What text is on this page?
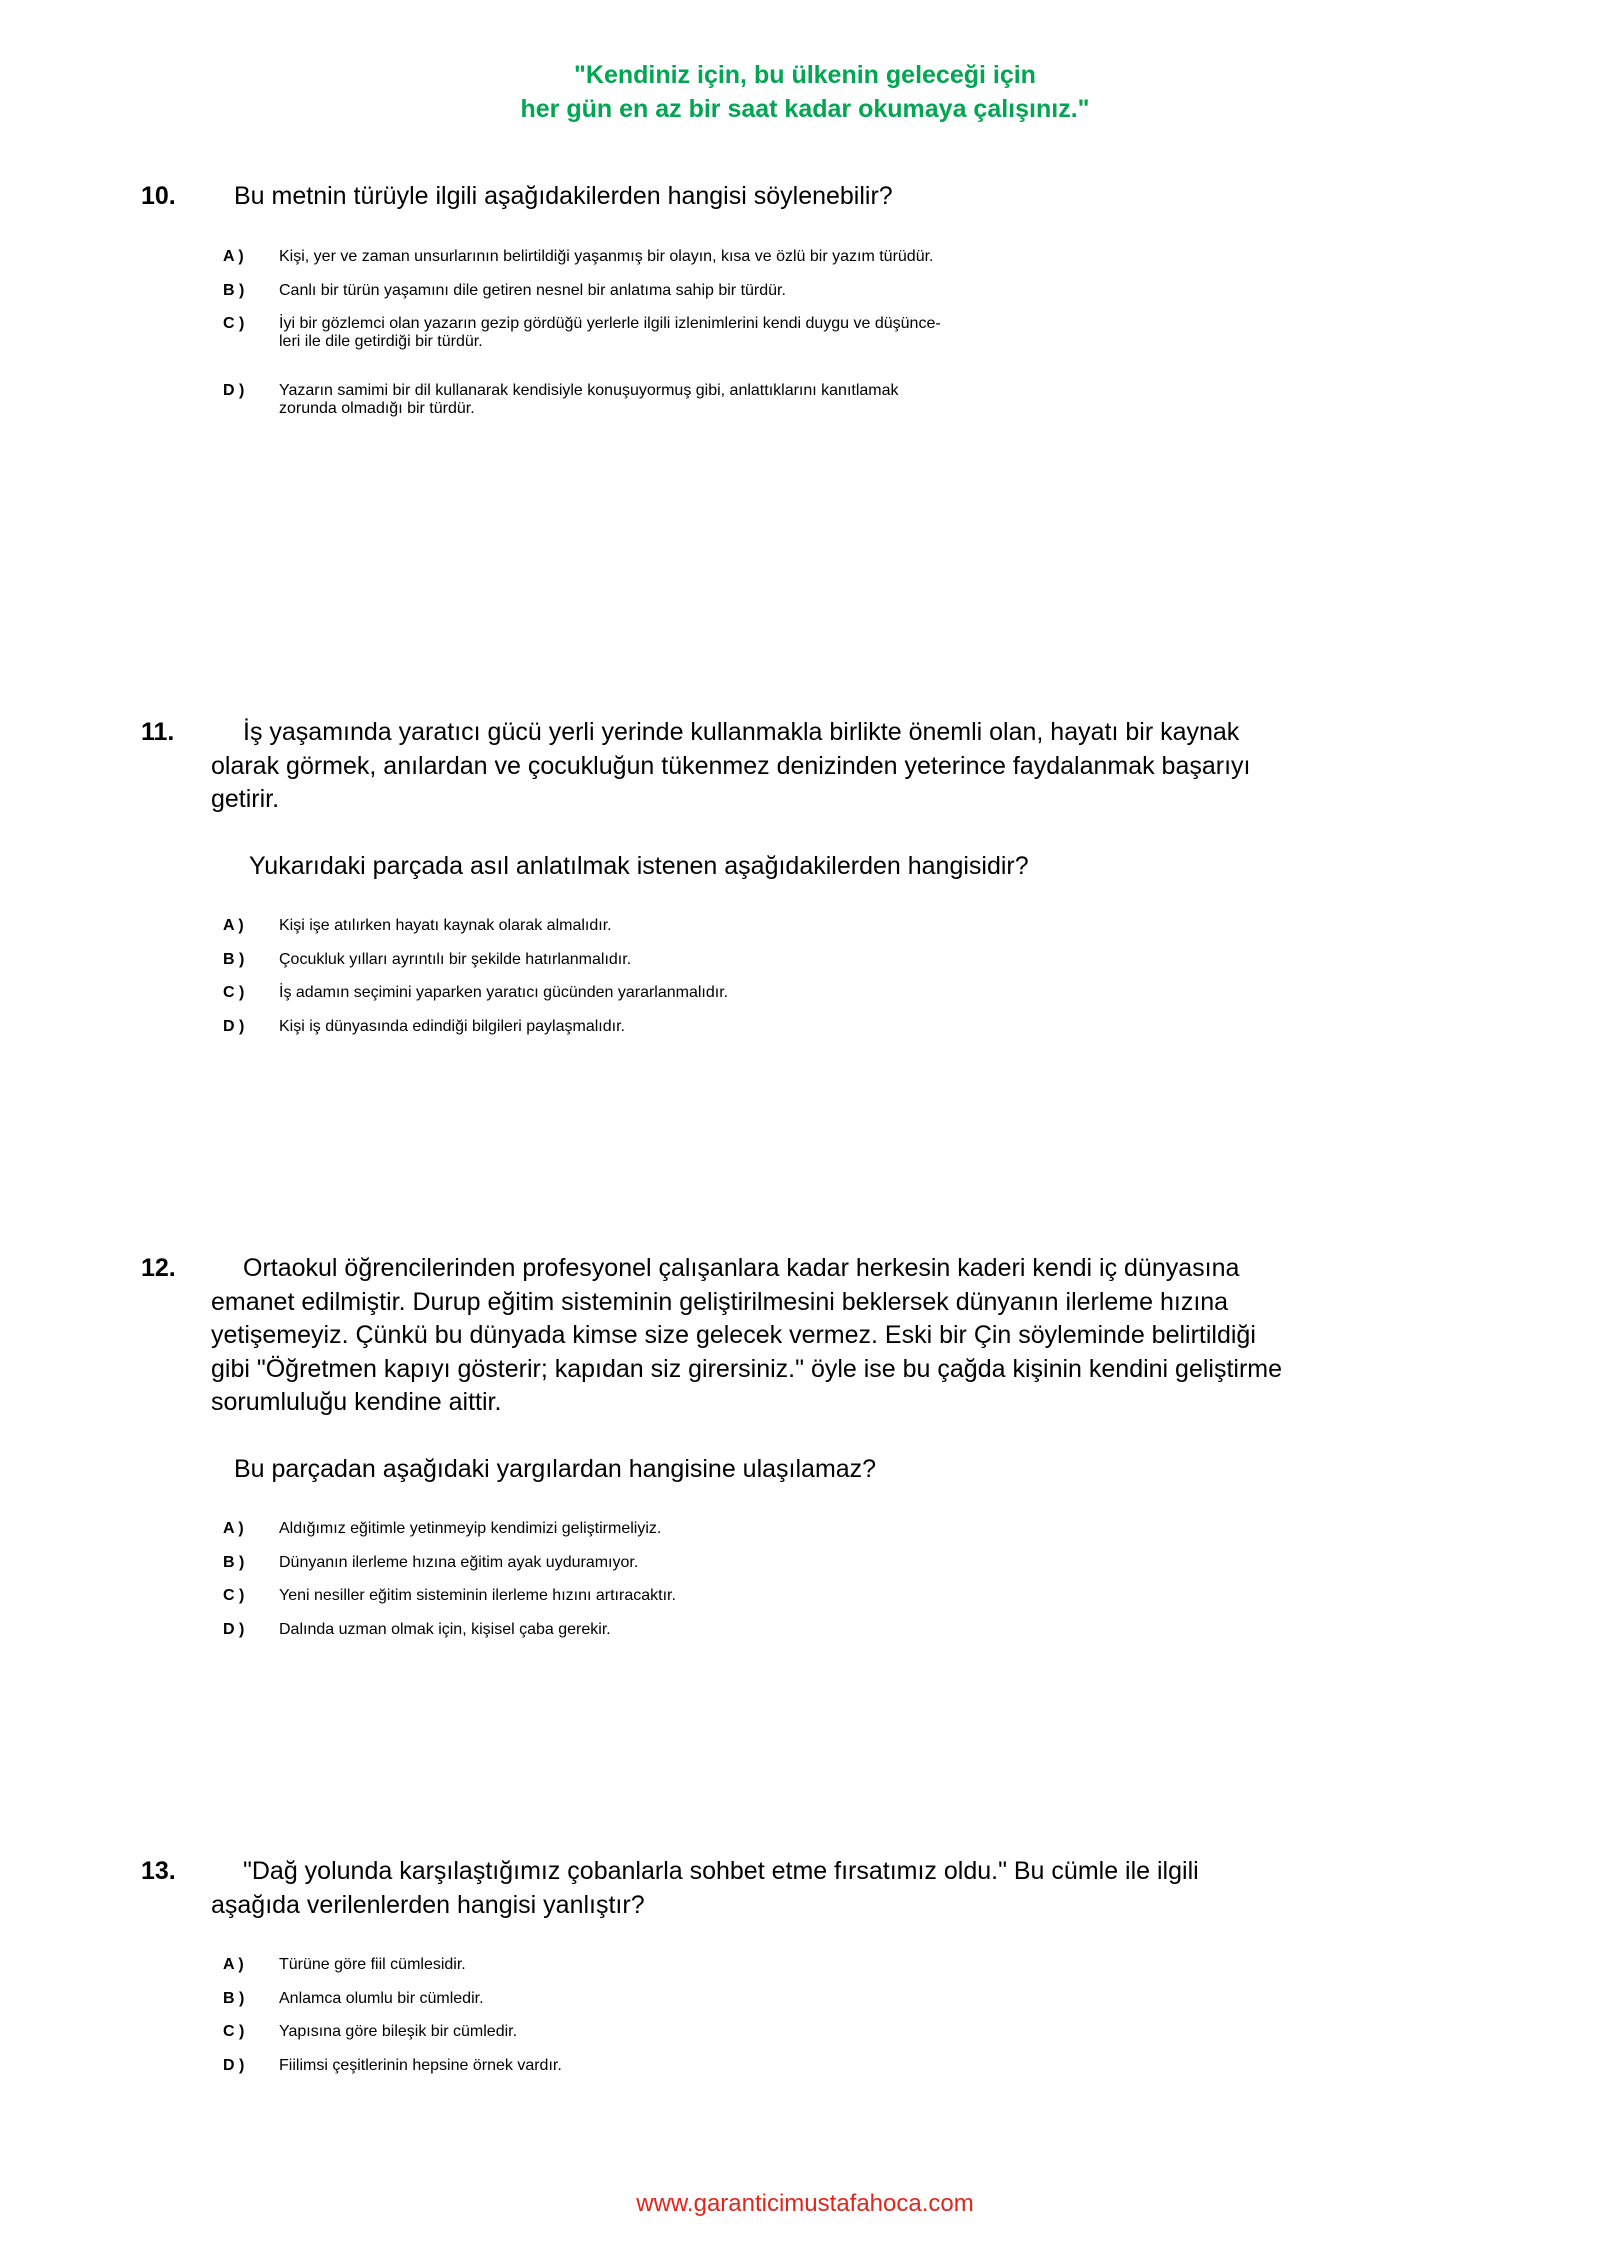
"Kendiniz için, bu ülkenin geleceği için
her gün en az bir saat kadar okumaya çalışınız."
10. Bu metnin türüyle ilgili aşağıdakilerden hangisi söylenebilir?
A ) Kişi, yer ve zaman unsurlarının belirtildiği yaşanmış bir olayın, kısa ve özlü bir yazım türüdür.
B ) Canlı bir türün yaşamını dile getiren nesnel bir anlatıma sahip bir türdür.
C ) İyi bir gözlemci olan yazarın gezip gördüğü yerlerle ilgili izlenimlerini kendi duygu ve düşünce-
leri ile dile getirdiği bir türdür.
D ) Yazarın samimi bir dil kullanarak kendisiyle konuşuyormuş gibi, anlattıklarını kanıtlamak
zorunda olmadığı bir türdür.
11.	İş yaşamında yaratıcı gücü yerli yerinde kullanmakla birlikte önemli olan, hayatı bir kaynak
olarak görmek, anılardan ve çocukluğun tükenmez denizinden yeterince faydalanmak başarıyı
getirir.
Yukarıdaki parçada asıl anlatılmak istenen aşağıdakilerden hangisidir?
A ) Kişi işe atılırken hayatı kaynak olarak almalıdır.
B ) Çocukluk yılları ayrıntılı bir şekilde hatırlanmalıdır.
C ) İş adamın seçimini yaparken yaratıcı gücünden yararlanmalıdır.
D ) Kişi iş dünyasında edindiği bilgileri paylaşmalıdır.
12.	Ortaokul öğrencilerinden profesyonel çalışanlara kadar herkesin kaderi kendi iç dünyasına
emanet edilmiştir. Durup eğitim sisteminin geliştirilmesini beklersek dünyanın ilerleme hızına
yetişemeyiz. Çünkü bu dünyada kimse size gelecek vermez. Eski bir Çin söyleminde belirtildiği
gibi "Öğretmen kapıyı gösterir; kapıdan siz girersiniz." öyle ise bu çağda kişinin kendini geliştirme
sorumluluğu kendine aittir.
Bu parçadan aşağıdaki yargılardan hangisine ulaşılamaz?
A ) Aldığımız eğitimle yetinmeyip kendimizi geliştirmeliyiz.
B ) Dünyanın ilerleme hızına eğitim ayak uyduramıyor.
C ) Yeni nesiller eğitim sisteminin ilerleme hızını artıracaktır.
D ) Dalında uzman olmak için, kişisel çaba gerekir.
13.	"Dağ yolunda karşılaştığımız çobanlarla sohbet etme fırsatımız oldu." Bu cümle ile ilgili
aşağıda verilenlerden hangisi yanlıştır?
A ) Türüne göre fiil cümlesidir.
B ) Anlamca olumlu bir cümledir.
C ) Yapısına göre bileşik bir cümledir.
D ) Fiilimsi çeşitlerinin hepsine örnek vardır.
www.garanticimustafahoca.com
